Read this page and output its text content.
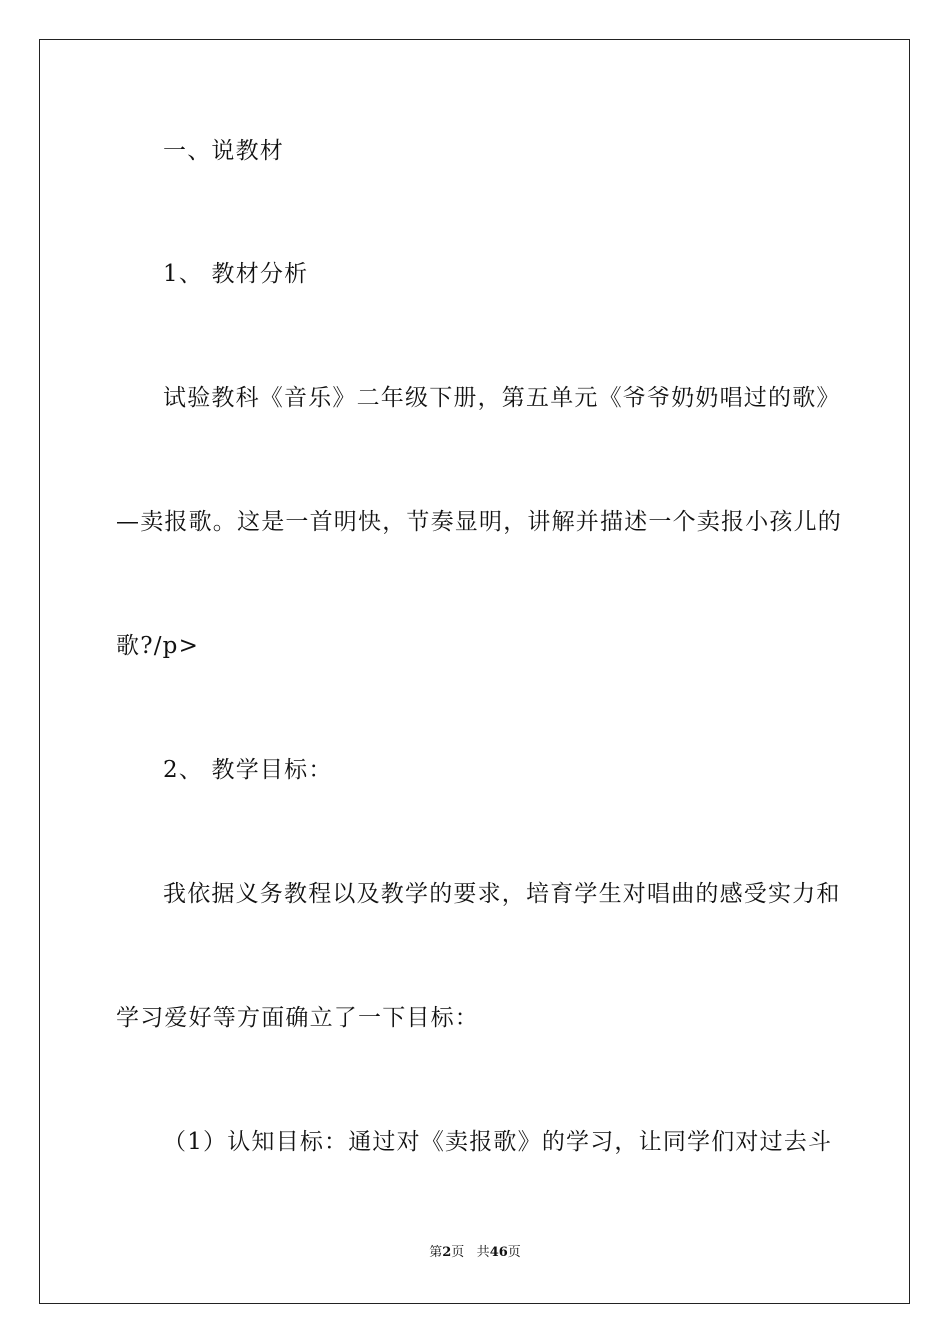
一、说教材
1、 教材分析
试验教科《音乐》二年级下册，第五单元《爷爷奶奶唱过的歌》
—卖报歌。这是一首明快，节奏显明，讲解并描述一个卖报小孩儿的
歌?/p>
2、 教学目标：
我依据义务教程以及教学的要求，培育学生对唱曲的感受实力和
学习爱好等方面确立了一下目标：
（1）认知目标：通过对《卖报歌》的学习，让同学们对过去斗
第2页 共46页
